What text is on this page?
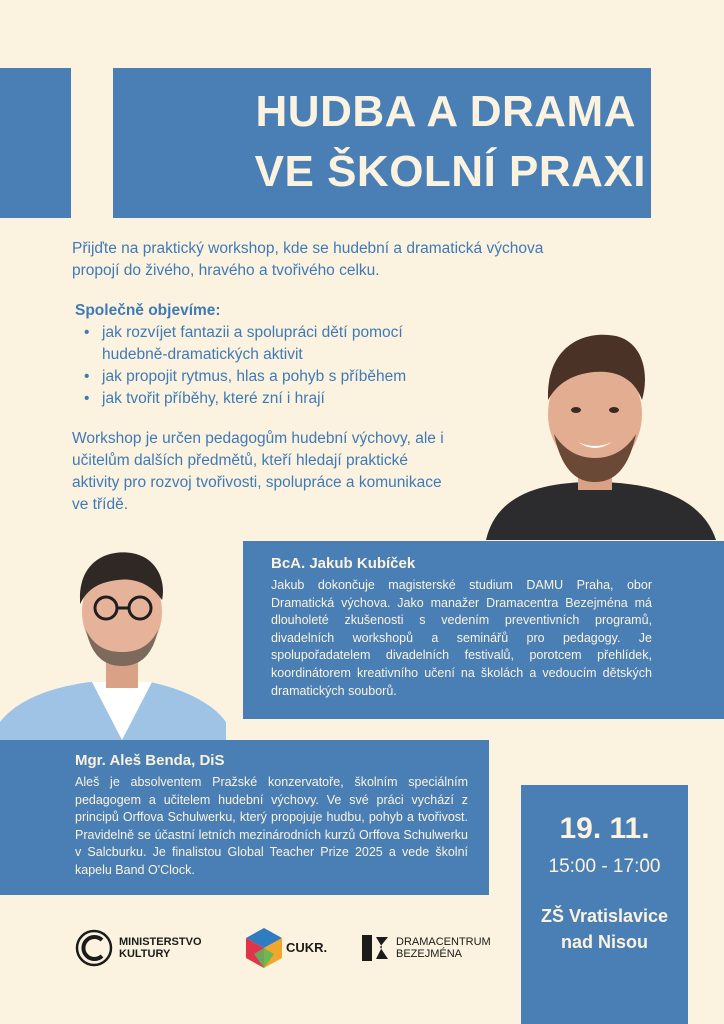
HUDBA A DRAMA
VE ŠKOLNÍ PRAXI
Přijďte na praktický workshop, kde se hudební a dramatická výchova propojí do živého, hravého a tvořivého celku.
Společně objevíme:
• jak rozvíjet fantazii a spolupráci dětí pomocí hudebně-dramatických aktivit
• jak propojit rytmus, hlas a pohyb s příběhem
• jak tvořit příběhy, které zní i hrají
Workshop je určen pedagogům hudební výchovy, ale i učitelům dalších předmětů, kteří hledají praktické aktivity pro rozvoj tvořivosti, spolupráce a komunikace ve třídě.
BcA. Jakub Kubíček
Jakub dokončuje magisterské studium DAMU Praha, obor Dramatická výchova. Jako manažer Dramacentra Bezejména má dlouholeté zkušenosti s vedením preventivních programů, divadelních workshopů a seminářů pro pedagogy. Je spolupořadatelem divadelních festivalů, porotcem přehlídek, koordinátorem kreativního učení na školách a vedoucím dětských dramatických souborů.
Mgr. Aleš Benda, DiS
Aleš je absolventem Pražské konzervatoře, školním speciálním pedagogem a učitelem hudební výchovy. Ve své práci vychází z principů Orffova Schulwerku, který propojuje hudbu, pohyb a tvořivost. Pravidelně se účastní letních mezinárodních kurzů Orffova Schulwerku v Salcburku. Je finalistou Global Teacher Prize 2025 a vede školní kapelu Band O'Clock.
19. 11.
15:00 - 17:00
ZŠ Vratislavice
nad Nisou
MINISTERSTVO
KULTURY	CUKR.	DRAMACENTRUM
BEZEJMÉNA
